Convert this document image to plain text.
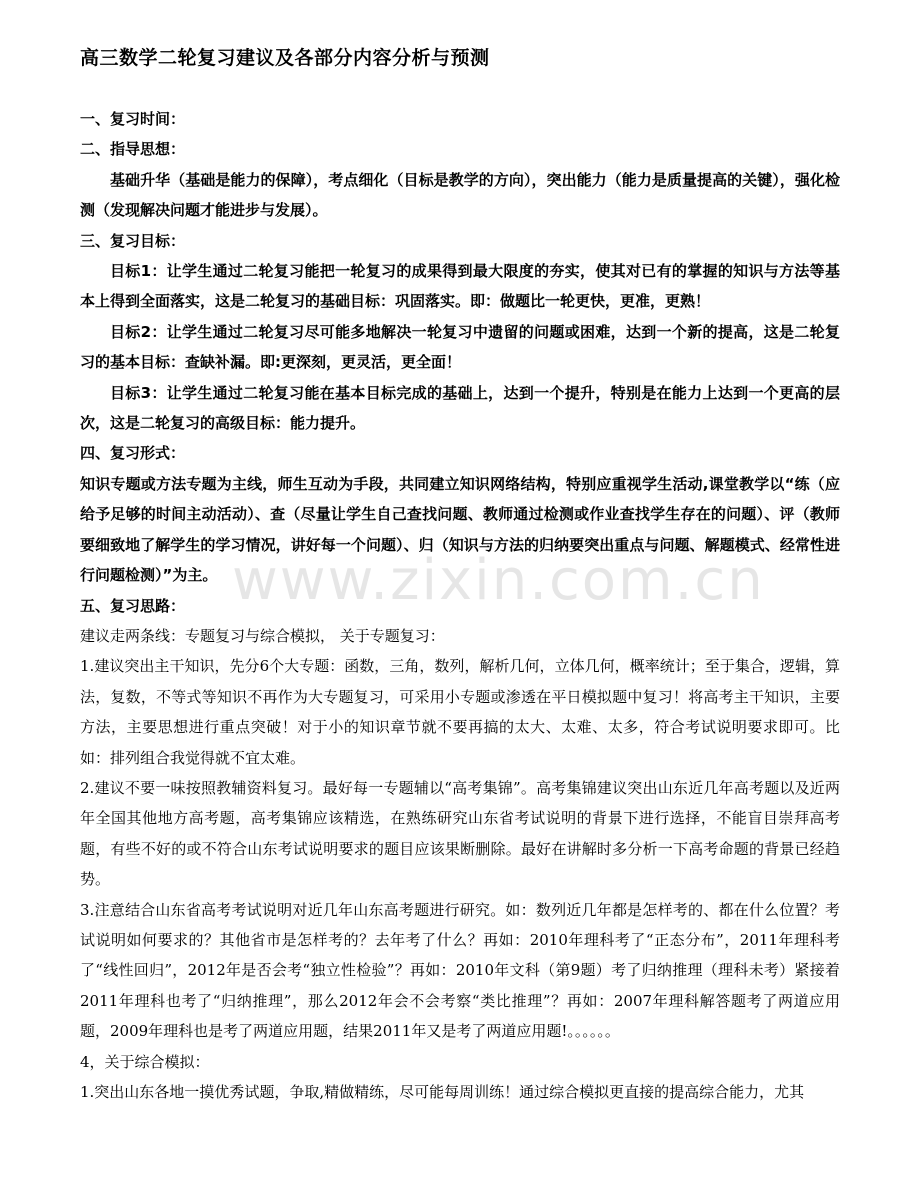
高三数学二轮复习建议及各部分内容分析与预测

一、复习时间：

二、指导思想：

基础升华（基础是能力的保障），考点细化（目标是教学的方向），突出能力（能力是质量提高的关键），强化检测（发现解决问题才能进步与发展）。

三、复习目标：

目标1：让学生通过二轮复习能把一轮复习的成果得到最大限度的夯实，使其对已有的掌握的知识与方法等基本上得到全面落实，这是二轮复习的基础目标：巩固落实。即：做题比一轮更快，更准，更熟！

目标2：让学生通过二轮复习尽可能多地解决一轮复习中遗留的问题或困难，达到一个新的提高，这是二轮复习的基本目标：查缺补漏。即:更深刻，更灵活，更全面！

目标3：让学生通过二轮复习能在基本目标完成的基础上，达到一个提升，特别是在能力上达到一个更高的层次，这是二轮复习的高级目标：能力提升。

四、复习形式：

知识专题或方法专题为主线，师生互动为手段，共同建立知识网络结构，特别应重视学生活动,课堂教学以“练（应给予足够的时间主动活动）、查（尽量让学生自己查找问题、教师通过检测或作业查找学生存在的问题）、评（教师要细致地了解学生的学习情况，讲好每一个问题）、归（知识与方法的归纳要突出重点与问题、解题模式、经常性进行问题检测）”为主。

五、复习思路：

建议走两条线：专题复习与综合模拟， 关于专题复习：

1.建议突出主干知识，先分6个大专题：函数，三角，数列，解析几何，立体几何，概率统计；至于集合，逻辑，算法，复数，不等式等知识不再作为大专题复习，可采用小专题或渗透在平日模拟题中复习！将高考主干知识，主要方法，主要思想进行重点突破！对于小的知识章节就不要再搞的太大、太难、太多，符合考试说明要求即可。比如：排列组合我觉得就不宜太难。

2.建议不要一味按照教辅资料复习。最好每一专题辅以“高考集锦”。高考集锦建议突出山东近几年高考题以及近两年全国其他地方高考题，高考集锦应该精选，在熟练研究山东省考试说明的背景下进行选择，不能盲目崇拜高考题，有些不好的或不符合山东考试说明要求的题目应该果断删除。最好在讲解时多分析一下高考命题的背景已经趋势。

3.注意结合山东省高考考试说明对近几年山东高考题进行研究。如：数列近几年都是怎样考的、都在什么位置？考试说明如何要求的？其他省市是怎样考的？去年考了什么？再如：2010年理科考了“正态分布”，2011年理科考了“线性回归”，2012年是否会考“独立性检验”？再如：2010年文科（第9题）考了归纳推理（理科未考）紧接着2011年理科也考了“归纳推理”，那么2012年会不会考察“类比推理”？再如：2007年理科解答题考了两道应用题，2009年理科也是考了两道应用题，结果2011年又是考了两道应用题!。。。。。。

4，关于综合模拟：

1.突出山东各地一摸优秀试题，争取,精做精练，尽可能每周训练！通过综合模拟更直接的提高综合能力，尤其

www.zixin.com.cn
